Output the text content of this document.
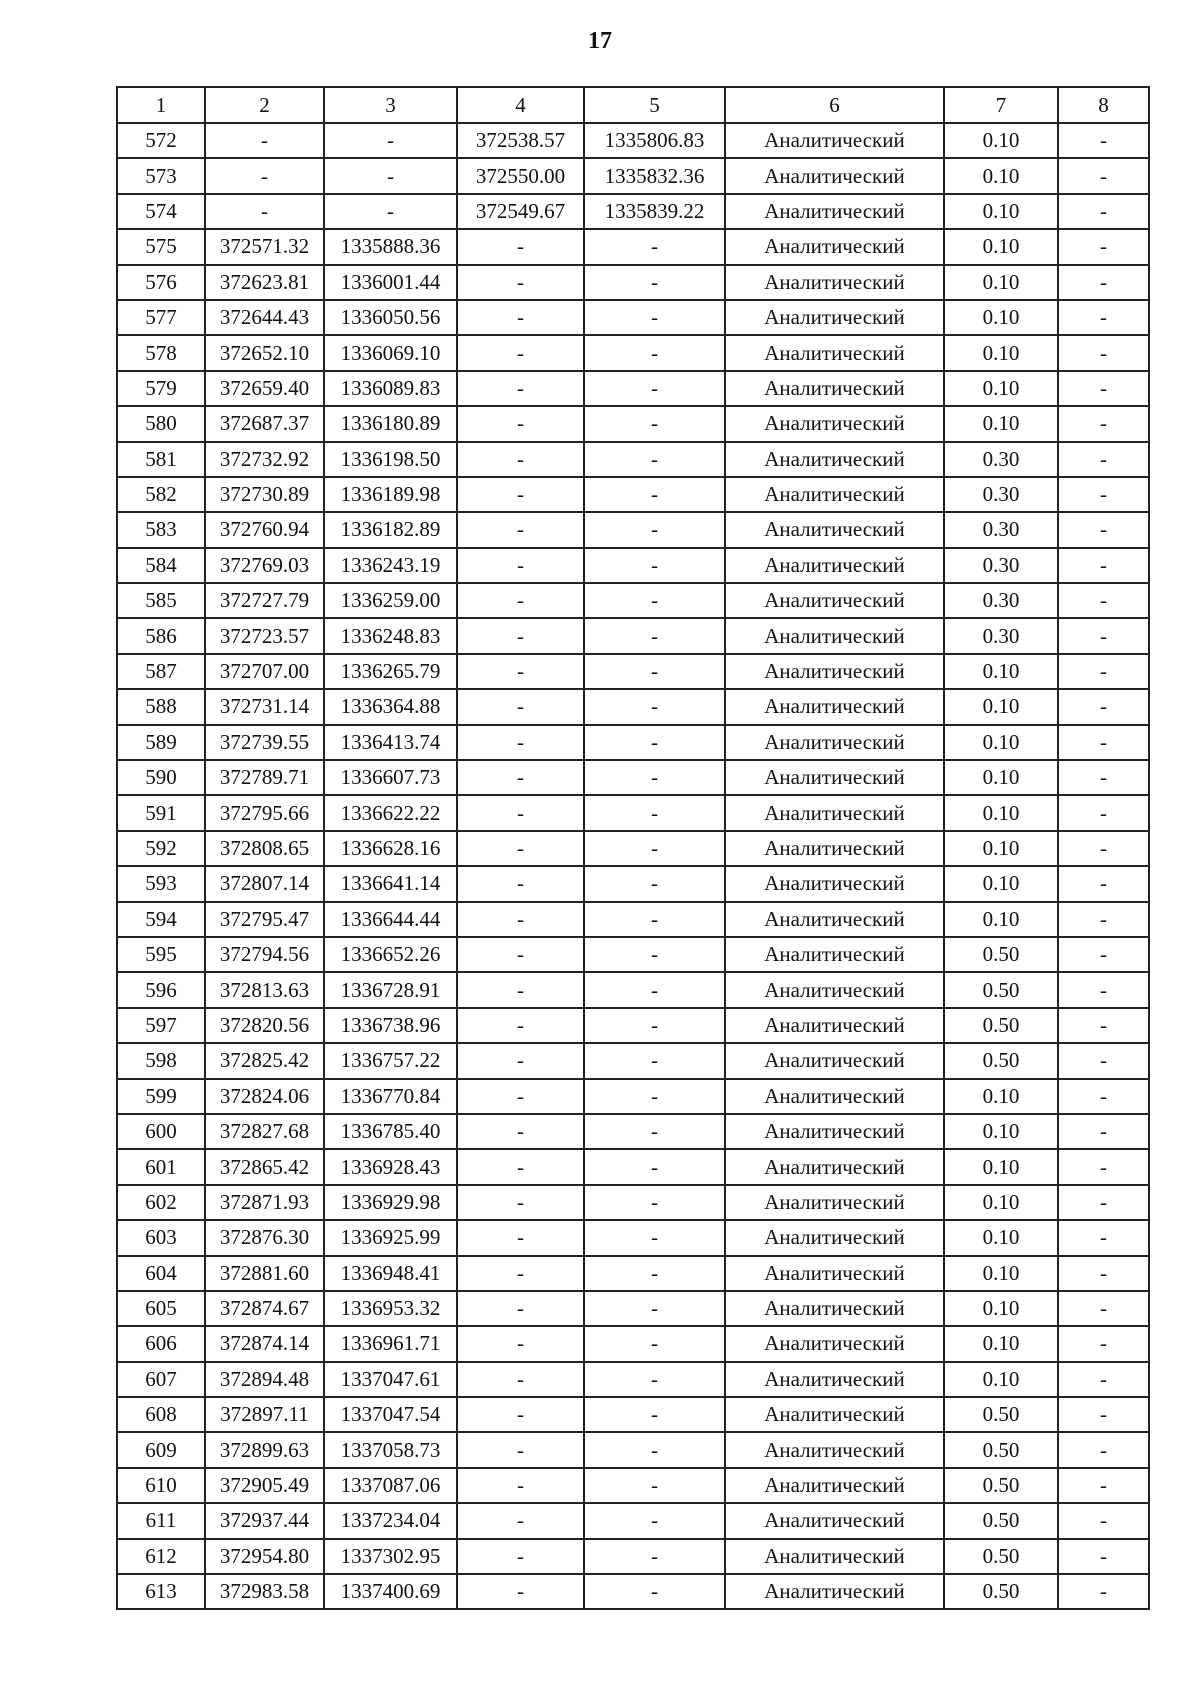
17
1	2	3	4	5	6	7	8
572	-	-	372538.57	1335806.83	Аналитический	0.10	-
573	-	-	372550.00	1335832.36	Аналитический	0.10	-
574	-	-	372549.67	1335839.22	Аналитический	0.10	-
575	372571.32	1335888.36	-	-	Аналитический	0.10	-
576	372623.81	1336001.44	-	-	Аналитический	0.10	-
577	372644.43	1336050.56	-	-	Аналитический	0.10	-
578	372652.10	1336069.10	-	-	Аналитический	0.10	-
579	372659.40	1336089.83	-	-	Аналитический	0.10	-
580	372687.37	1336180.89	-	-	Аналитический	0.10	-
581	372732.92	1336198.50	-	-	Аналитический	0.30	-
582	372730.89	1336189.98	-	-	Аналитический	0.30	-
583	372760.94	1336182.89	-	-	Аналитический	0.30	-
584	372769.03	1336243.19	-	-	Аналитический	0.30	-
585	372727.79	1336259.00	-	-	Аналитический	0.30	-
586	372723.57	1336248.83	-	-	Аналитический	0.30	-
587	372707.00	1336265.79	-	-	Аналитический	0.10	-
588	372731.14	1336364.88	-	-	Аналитический	0.10	-
589	372739.55	1336413.74	-	-	Аналитический	0.10	-
590	372789.71	1336607.73	-	-	Аналитический	0.10	-
591	372795.66	1336622.22	-	-	Аналитический	0.10	-
592	372808.65	1336628.16	-	-	Аналитический	0.10	-
593	372807.14	1336641.14	-	-	Аналитический	0.10	-
594	372795.47	1336644.44	-	-	Аналитический	0.10	-
595	372794.56	1336652.26	-	-	Аналитический	0.50	-
596	372813.63	1336728.91	-	-	Аналитический	0.50	-
597	372820.56	1336738.96	-	-	Аналитический	0.50	-
598	372825.42	1336757.22	-	-	Аналитический	0.50	-
599	372824.06	1336770.84	-	-	Аналитический	0.10	-
600	372827.68	1336785.40	-	-	Аналитический	0.10	-
601	372865.42	1336928.43	-	-	Аналитический	0.10	-
602	372871.93	1336929.98	-	-	Аналитический	0.10	-
603	372876.30	1336925.99	-	-	Аналитический	0.10	-
604	372881.60	1336948.41	-	-	Аналитический	0.10	-
605	372874.67	1336953.32	-	-	Аналитический	0.10	-
606	372874.14	1336961.71	-	-	Аналитический	0.10	-
607	372894.48	1337047.61	-	-	Аналитический	0.10	-
608	372897.11	1337047.54	-	-	Аналитический	0.50	-
609	372899.63	1337058.73	-	-	Аналитический	0.50	-
610	372905.49	1337087.06	-	-	Аналитический	0.50	-
611	372937.44	1337234.04	-	-	Аналитический	0.50	-
612	372954.80	1337302.95	-	-	Аналитический	0.50	-
613	372983.58	1337400.69	-	-	Аналитический	0.50	-
